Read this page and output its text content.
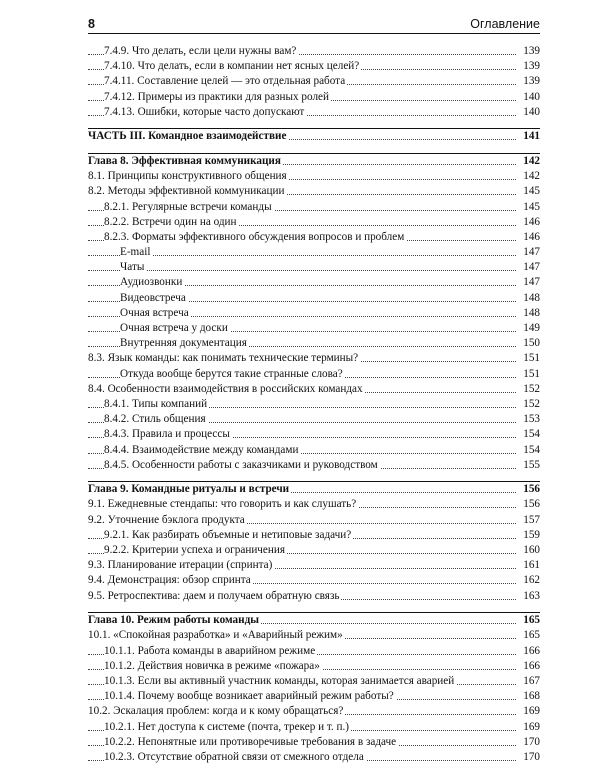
8	Оглавление
7.4.9. Что делать, если цели нужны вам?	139
7.4.10. Что делать, если в компании нет ясных целей?	139
7.4.11. Составление целей — это отдельная работа	139
7.4.12. Примеры из практики для разных ролей	140
7.4.13. Ошибки, которые часто допускают	140
ЧАСТЬ III. Командное взаимодействие	141
Глава 8. Эффективная коммуникация	142
8.1. Принципы конструктивного общения	142
8.2. Методы эффективной коммуникации	145
8.2.1. Регулярные встречи команды	145
8.2.2. Встречи один на один	146
8.2.3. Форматы эффективного обсуждения вопросов и проблем	146
E-mail	147
Чаты	147
Аудиозвонки	147
Видеовстреча	148
Очная встреча	148
Очная встреча у доски	149
Внутренняя документация	150
8.3. Язык команды: как понимать технические термины?	151
Откуда вообще берутся такие странные слова?	151
8.4. Особенности взаимодействия в российских командах	152
8.4.1. Типы компаний	152
8.4.2. Стиль общения	153
8.4.3. Правила и процессы	154
8.4.4. Взаимодействие между командами	154
8.4.5. Особенности работы с заказчиками и руководством	155
Глава 9. Командные ритуалы и встречи	156
9.1. Ежедневные стендапы: что говорить и как слушать?	156
9.2. Уточнение бэклога продукта	157
9.2.1. Как разбирать объемные и нетиповые задачи?	159
9.2.2. Критерии успеха и ограничения	160
9.3. Планирование итерации (спринта)	161
9.4. Демонстрация: обзор спринта	162
9.5. Ретроспектива: даем и получаем обратную связь	163
Глава 10. Режим работы команды	165
10.1. «Спокойная разработка» и «Аварийный режим»	165
10.1.1. Работа команды в аварийном режиме	166
10.1.2. Действия новичка в режиме «пожара»	166
10.1.3. Если вы активный участник команды, которая занимается аварией	167
10.1.4. Почему вообще возникает аварийный режим работы?	168
10.2. Эскалация проблем: когда и к кому обращаться?	169
10.2.1. Нет доступа к системе (почта, трекер и т. п.)	169
10.2.2. Непонятные или противоречивые требования в задаче	170
10.2.3. Отсутствие обратной связи от смежного отдела	170
